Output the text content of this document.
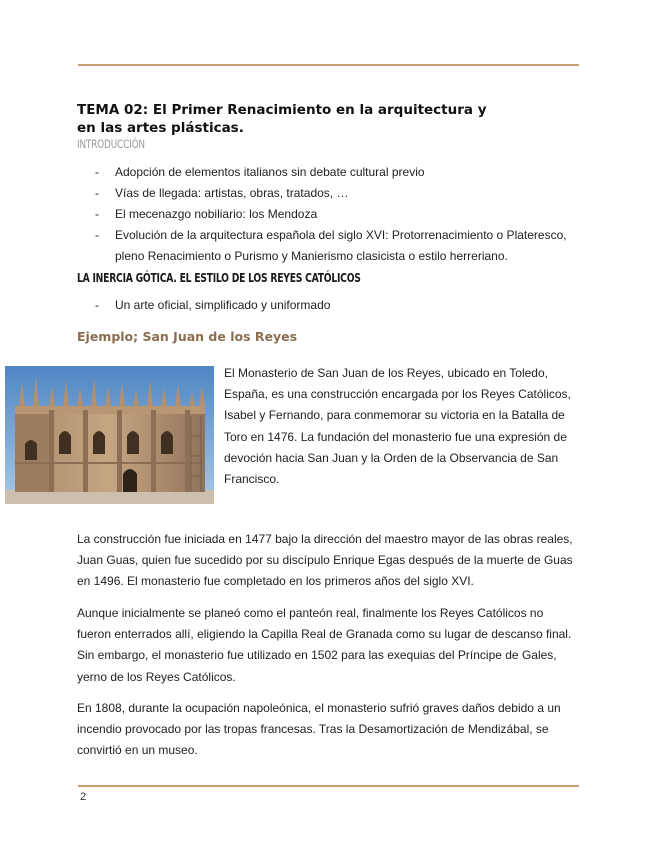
TEMA 02: El Primer Renacimiento en la arquitectura y en las artes plásticas.

INTRODUCCIÓN

- Adopción de elementos italianos sin debate cultural previo
- Vías de llegada: artistas, obras, tratados, …
- El mecenazgo nobiliario: los Mendoza
- Evolución de la arquitectura española del siglo XVI: Protorrenacimiento o Plateresco, pleno Renacimiento o Purismo y Manierismo clasicista o estilo herreriano.
LA INERCIA GÓTICA. EL ESTILO DE LOS REYES CATÓLICOS
- Un arte oficial, simplificado y uniformado
Ejemplo; San Juan de los Reyes

El Monasterio de San Juan de los Reyes, ubicado en Toledo, España, es una construcción encargada por los Reyes Católicos, Isabel y Fernando, para conmemorar su victoria en la Batalla de Toro en 1476. La fundación del monasterio fue una expresión de devoción hacia San Juan y la Orden de la Observancia de San Francisco.

La construcción fue iniciada en 1477 bajo la dirección del maestro mayor de las obras reales, Juan Guas, quien fue sucedido por su discípulo Enrique Egas después de la muerte de Guas en 1496. El monasterio fue completado en los primeros años del siglo XVI.

Aunque inicialmente se planeó como el panteón real, finalmente los Reyes Católicos no fueron enterrados allí, eligiendo la Capilla Real de Granada como su lugar de descanso final. Sin embargo, el monasterio fue utilizado en 1502 para las exequias del Príncipe de Gales, yerno de los Reyes Católicos.

En 1808, durante la ocupación napoleónica, el monasterio sufrió graves daños debido a un incendio provocado por las tropas francesas. Tras la Desamortización de Mendizábal, se convirtió en un museo.

2
